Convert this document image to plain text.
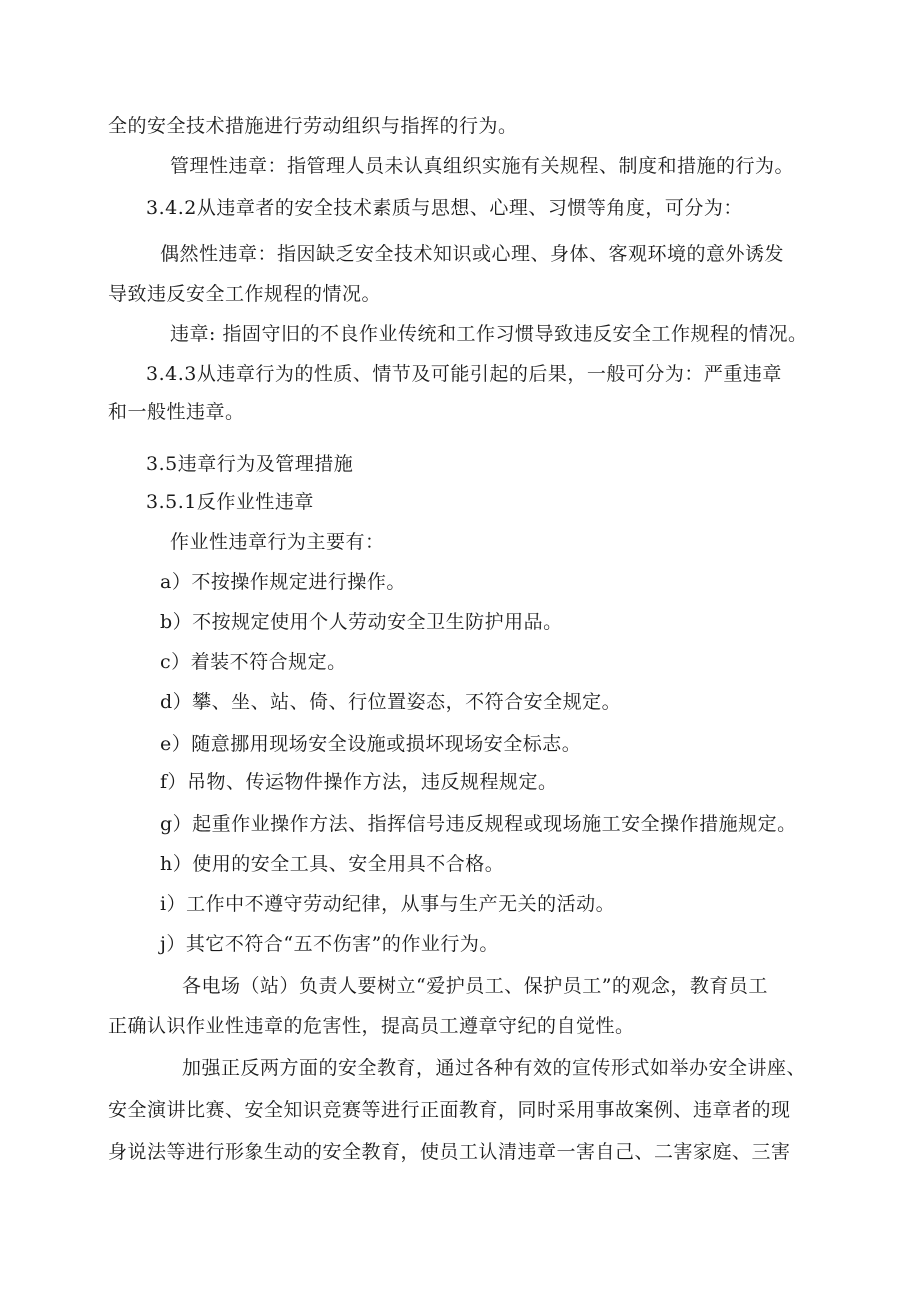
全的安全技术措施进行劳动组织与指挥的行为。
管理性违章：指管理人员未认真组织实施有关规程、制度和措施的行为。
3.4.2从违章者的安全技术素质与思想、心理、习惯等角度，可分为：
偶然性违章：指因缺乏安全技术知识或心理、身体、客观环境的意外诱发
导致违反安全工作规程的情况。
违章: 指固守旧的不良作业传统和工作习惯导致违反安全工作规程的情况。
3.4.3从违章行为的性质、情节及可能引起的后果，一般可分为：严重违章
和一般性违章。
3.5违章行为及管理措施
3.5.1反作业性违章
作业性违章行为主要有：
a）不按操作规定进行操作。
b）不按规定使用个人劳动安全卫生防护用品。
c）着装不符合规定。
d）攀、坐、站、倚、行位置姿态，不符合安全规定。
e）随意挪用现场安全设施或损坏现场安全标志。
f）吊物、传运物件操作方法，违反规程规定。
g）起重作业操作方法、指挥信号违反规程或现场施工安全操作措施规定。
h）使用的安全工具、安全用具不合格。
i）工作中不遵守劳动纪律，从事与生产无关的活动。
j）其它不符合“五不伤害”的作业行为。
各电场（站）负责人要树立“爱护员工、保护员工”的观念，教育员工
正确认识作业性违章的危害性，提高员工遵章守纪的自觉性。
加强正反两方面的安全教育，通过各种有效的宣传形式如举办安全讲座、
安全演讲比赛、安全知识竞赛等进行正面教育，同时采用事故案例、违章者的现
身说法等进行形象生动的安全教育，使员工认清违章一害自己、二害家庭、三害
